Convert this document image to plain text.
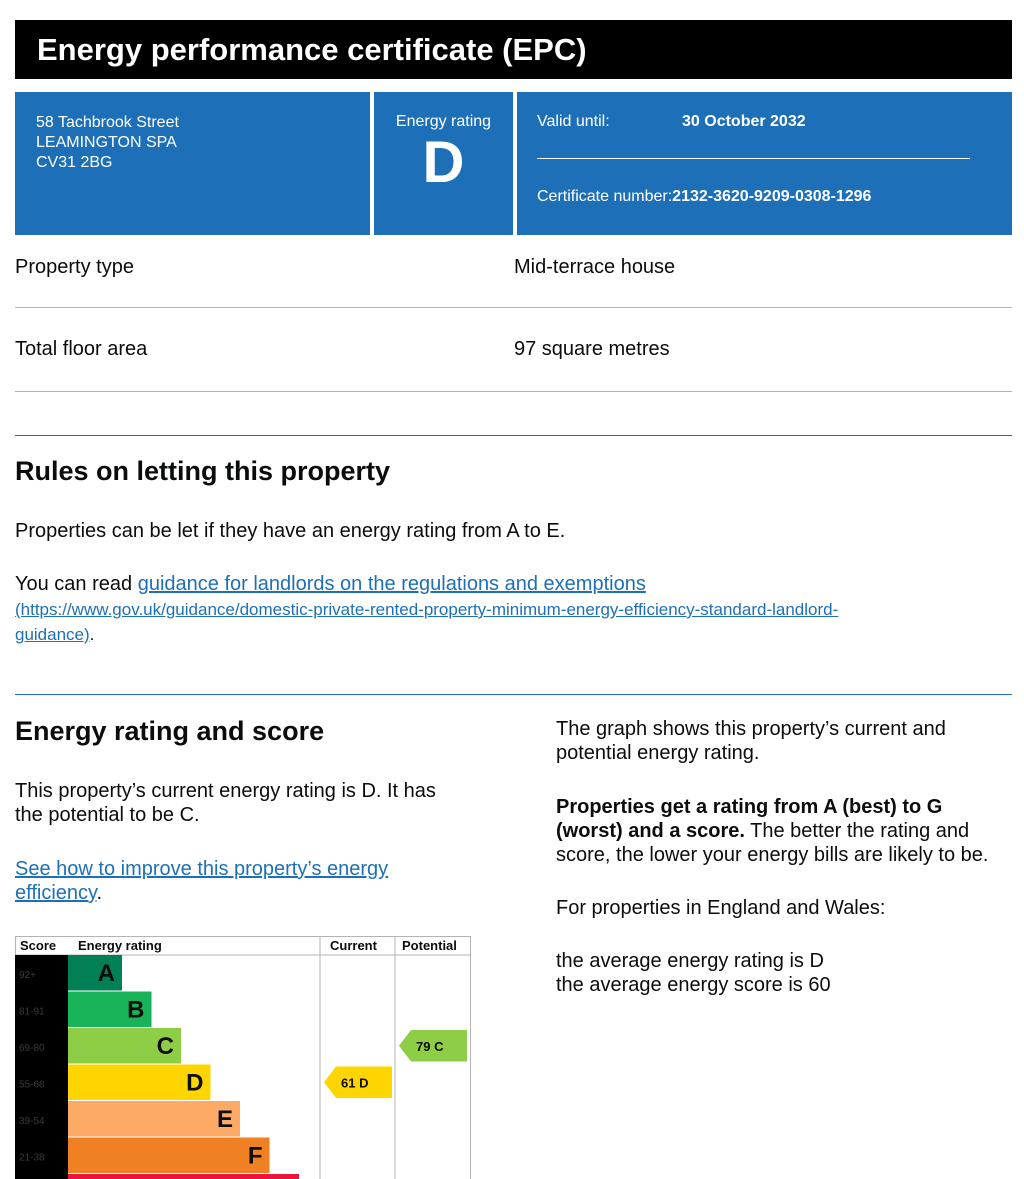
Energy performance certificate (EPC)
58 Tachbrook Street
LEAMINGTON SPA
CV31 2BG
Energy rating
D
Valid until:	30 October 2032
Certificate number:2132-3620-9209-0308-1296
Property type	Mid-terrace house
Total floor area	97 square metres
Rules on letting this property
Properties can be let if they have an energy rating from A to E.
You can read guidance for landlords on the regulations and exemptions
(https://www.gov.uk/guidance/domestic-private-rented-property-minimum-energy-efficiency-standard-landlord-
guidance).
Energy rating and score
This property’s current energy rating is D. It has
the potential to be C.
See how to improve this property’s energy
efficiency.
The graph shows this property’s current and
potential energy rating.
Properties get a rating from A (best) to G
(worst) and a score. The better the rating and
score, the lower your energy bills are likely to be.
For properties in England and Wales:
the average energy rating is D
the average energy score is 60
Score Energy rating	Current Potential
A
92+
B
81-91
C
69-80
D
55-68
E
39-54
F
21-38
61 D
79 C
